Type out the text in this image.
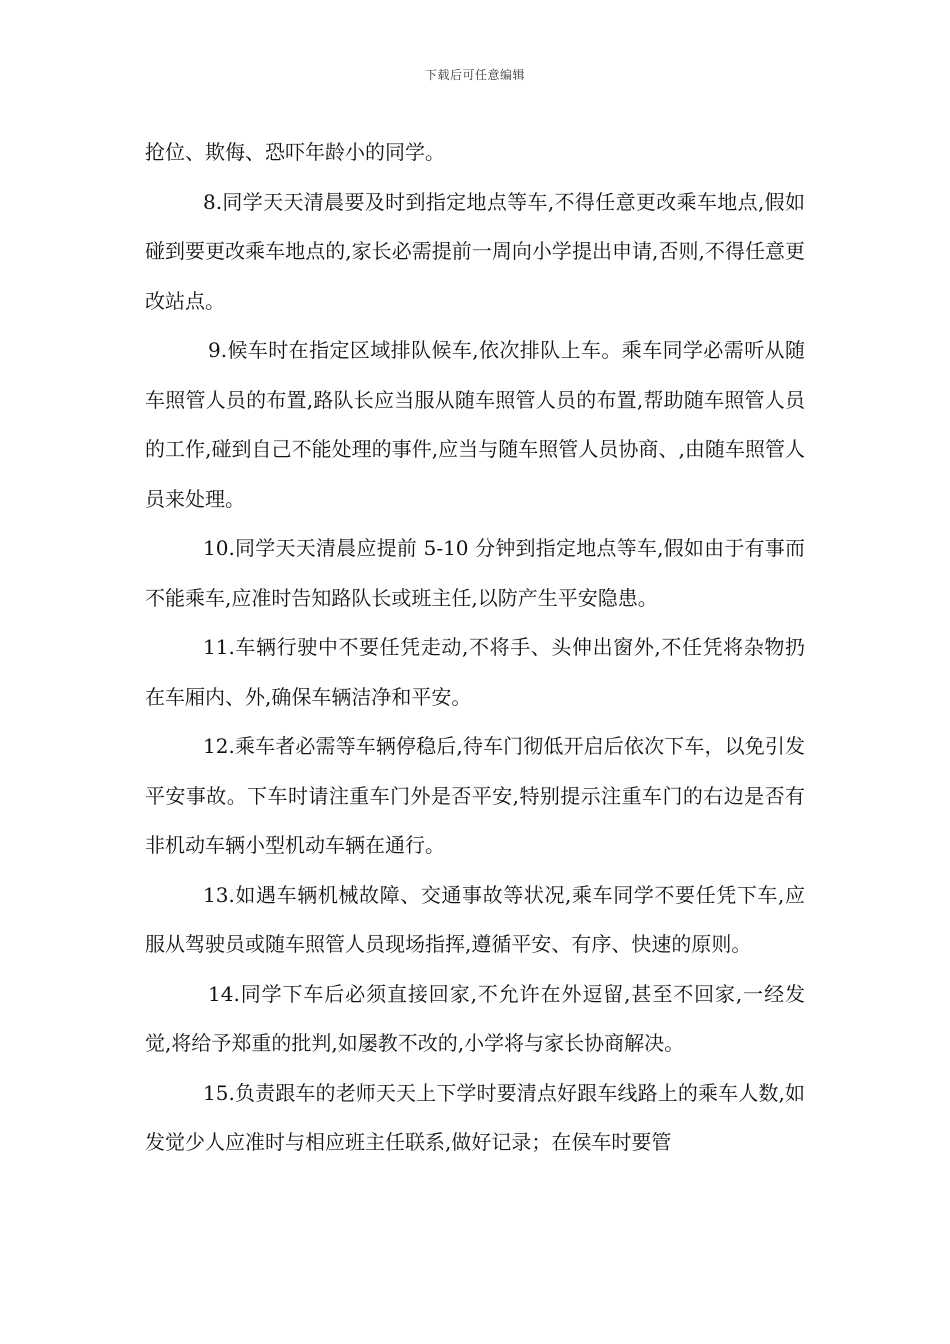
下载后可任意编辑

抢位、欺侮、恐吓年龄小的同学。

8.同学天天清晨要及时到指定地点等车,不得任意更改乘车地点,假如碰到要更改乘车地点的,家长必需提前一周向小学提出申请,否则,不得任意更改站点。

9.候车时在指定区域排队候车,依次排队上车。乘车同学必需听从随车照管人员的布置,路队长应当服从随车照管人员的布置,帮助随车照管人员的工作,碰到自己不能处理的事件,应当与随车照管人员协商、,由随车照管人员来处理。

10.同学天天清晨应提前 5-10 分钟到指定地点等车,假如由于有事而不能乘车,应准时告知路队长或班主任,以防产生平安隐患。

11.车辆行驶中不要任凭走动,不将手、头伸出窗外,不任凭将杂物扔在车厢内、外,确保车辆洁净和平安。

12.乘车者必需等车辆停稳后,待车门彻低开启后依次下车，以免引发平安事故。下车时请注重车门外是否平安,特别提示注重车门的右边是否有非机动车辆小型机动车辆在通行。

13.如遇车辆机械故障、交通事故等状况,乘车同学不要任凭下车,应服从驾驶员或随车照管人员现场指挥,遵循平安、有序、快速的原则。

14.同学下车后必须直接回家,不允许在外逗留,甚至不回家,一经发觉,将给予郑重的批判,如屡教不改的,小学将与家长协商解决。

15.负责跟车的老师天天上下学时要清点好跟车线路上的乘车人数,如发觉少人应准时与相应班主任联系,做好记录；在侯车时要管
